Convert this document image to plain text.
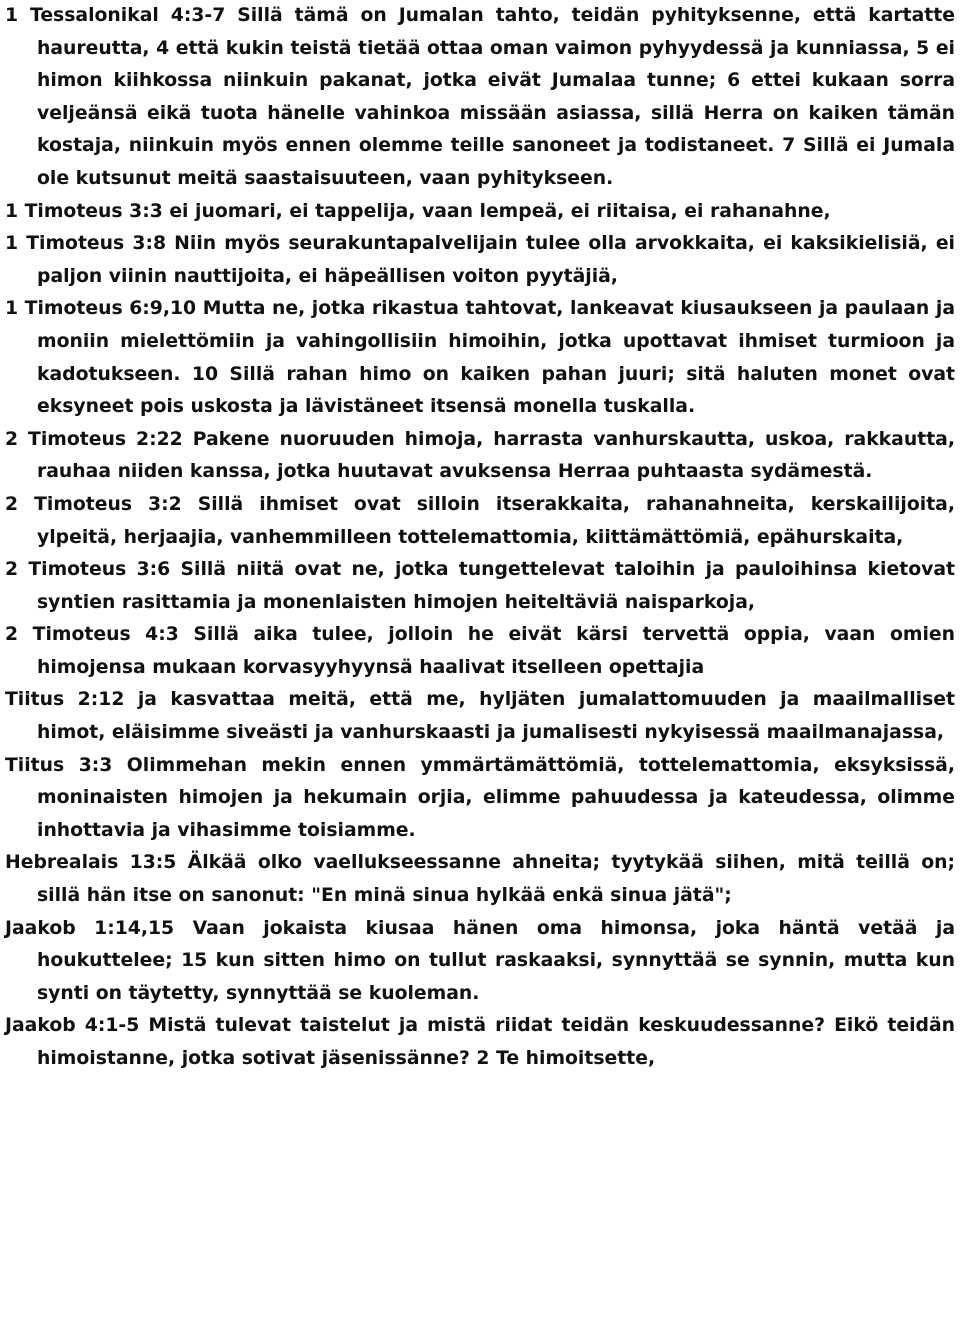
1 Tessalonikal 4:3-7 Sillä tämä on Jumalan tahto, teidän pyhityksenne, että kartatte haureutta, 4 että kukin teistä tietää ottaa oman vaimon pyhyydessä ja kunniassa, 5 ei himon kiihkossa niinkuin pakanat, jotka eivät Jumalaa tunne; 6 ettei kukaan sorra veljeänsä eikä tuota hänelle vahinkoa missään asiassa, sillä Herra on kaiken tämän kostaja, niinkuin myös ennen olemme teille sanoneet ja todistaneet. 7 Sillä ei Jumala ole kutsunut meitä saastaisuuteen, vaan pyhitykseen.

1 Timoteus 3:3 ei juomari, ei tappelija, vaan lempeä, ei riitaisa, ei rahanahne,

1 Timoteus 3:8 Niin myös seurakuntapalvelijain tulee olla arvokkaita, ei kaksikielisiä, ei paljon viinin nauttijoita, ei häpeällisen voiton pyytäjiä,

1 Timoteus 6:9,10 Mutta ne, jotka rikastua tahtovat, lankeavat kiusaukseen ja paulaan ja moniin mielettömiin ja vahingollisiin himoihin, jotka upottavat ihmiset turmioon ja kadotukseen. 10 Sillä rahan himo on kaiken pahan juuri; sitä haluten monet ovat eksyneet pois uskosta ja lävistäneet itsensä monella tuskalla.

2 Timoteus 2:22 Pakene nuoruuden himoja, harrasta vanhurskautta, uskoa, rakkautta, rauhaa niiden kanssa, jotka huutavat avuksensa Herraa puhtaasta sydämestä.

2 Timoteus 3:2 Sillä ihmiset ovat silloin itserakkaita, rahanahneita, kerskailijoita, ylpeitä, herjaajia, vanhemmilleen tottelemattomia, kiittämättömiä, epähurskaita,

2 Timoteus 3:6 Sillä niitä ovat ne, jotka tungettelevat taloihin ja pauloihinsa kietovat syntien rasittamia ja monenlaisten himojen heiteltäviä naisparkoja,

2 Timoteus 4:3 Sillä aika tulee, jolloin he eivät kärsi tervettä oppia, vaan omien himojensa mukaan korvasyyhyynsä haalivat itselleen opettajia

Tiitus 2:12 ja kasvattaa meitä, että me, hyljäten jumalattomuuden ja maailmalliset himot, eläisimme siveästi ja vanhurskaasti ja jumalisesti nykyisessä maailmanajassa,

Tiitus 3:3 Olimmehan mekin ennen ymmärtämättömiä, tottelemattomia, eksyksissä, moninaisten himojen ja hekumain orjia, elimme pahuudessa ja kateudessa, olimme inhottavia ja vihasimme toisiamme.

Hebrealais 13:5 Älkää olko vaellukseessanne ahneita; tyytykää siihen, mitä teillä on; sillä hän itse on sanonut: "En minä sinua hylkää enkä sinua jätä";

Jaakob 1:14,15 Vaan jokaista kiusaa hänen oma himonsa, joka häntä vetää ja houkuttelee; 15 kun sitten himo on tullut raskaaksi, synnyttää se synnin, mutta kun synti on täytetty, synnyttää se kuoleman.

Jaakob 4:1-5 Mistä tulevat taistelut ja mistä riidat teidän keskuudessanne? Eikö teidän himoistanne, jotka sotivat jäsenissänne? 2 Te himoitsette,
